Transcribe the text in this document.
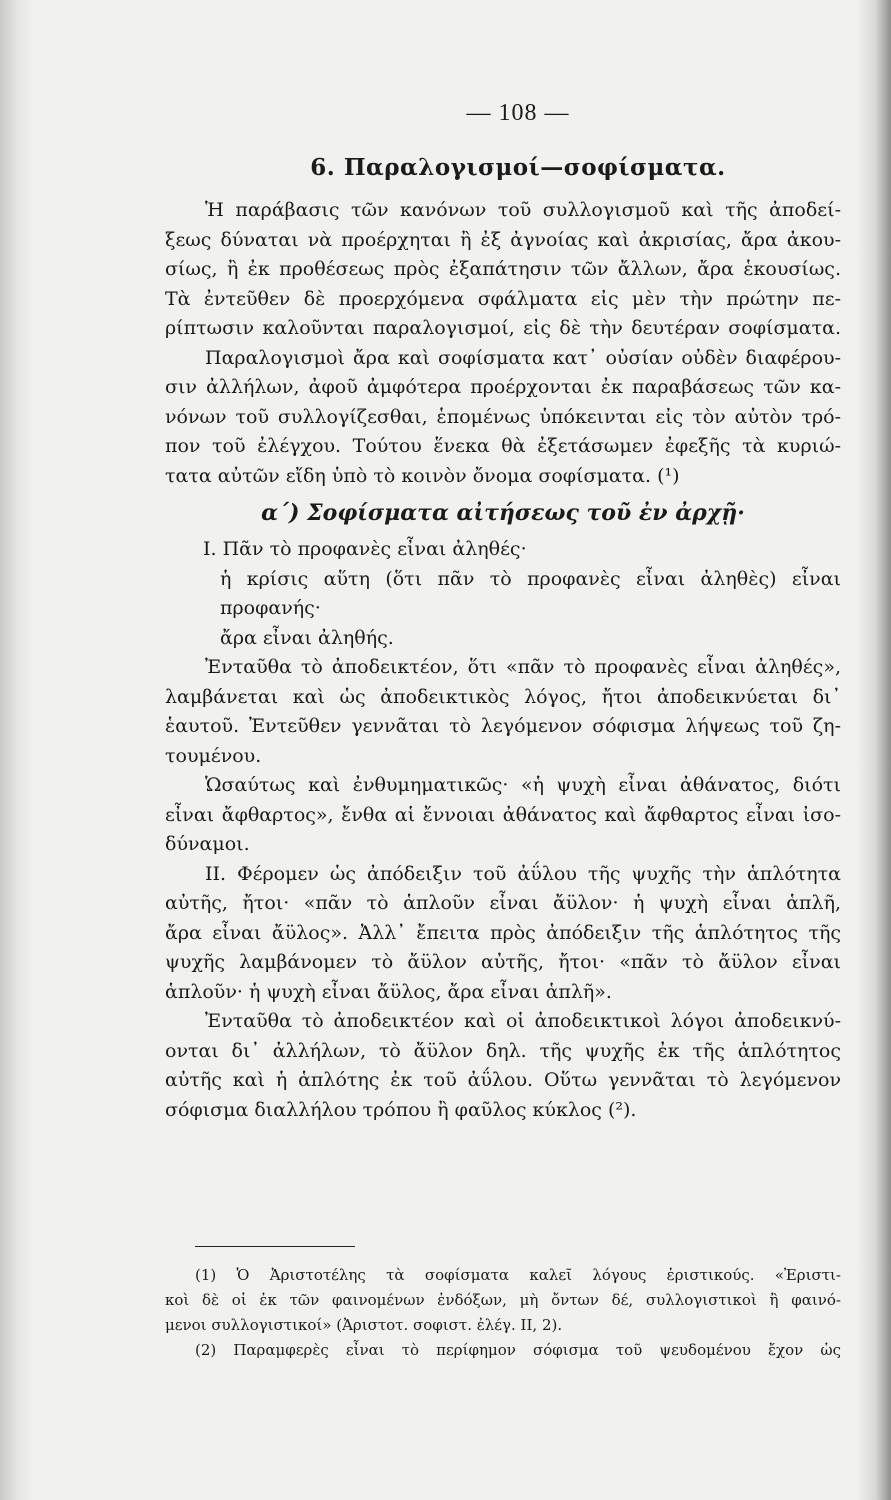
— 108 —
6. Παραλογισμοί—σοφίσματα.
Ἡ παράβασις τῶν κανόνων τοῦ συλλογισμοῦ καὶ τῆς ἀποδεί-
ξεως δύναται νὰ προέρχηται ἢ ἐξ ἀγνοίας καὶ ἀκρισίας, ἄρα ἀκου-
σίως, ἢ ἐκ προθέσεως πρὸς ἐξαπάτησιν τῶν ἄλλων, ἄρα ἑκουσίως.
Τὰ ἐντεῦθεν δὲ προερχόμενα σφάλματα εἰς μὲν τὴν πρώτην πε-
ρίπτωσιν καλοῦνται παραλογισμοί, εἰς δὲ τὴν δευτέραν σοφίσματα.
Παραλογισμοὶ ἄρα καὶ σοφίσματα κατ᾽ οὐσίαν οὐδὲν διαφέρου-
σιν ἀλλήλων, ἀφοῦ ἀμφότερα προέρχονται ἐκ παραβάσεως τῶν κα-
νόνων τοῦ συλλογίζεσθαι, ἑπομένως ὑπόκεινται εἰς τὸν αὐτὸν τρό-
πον τοῦ ἐλέγχου. Τούτου ἕνεκα θὰ ἐξετάσωμεν ἐφεξῆς τὰ κυριώ-
τατα αὐτῶν εἴδη ὑπὸ τὸ κοινὸν ὄνομα σοφίσματα. (¹)
α΄) Σοφίσματα αἰτήσεως τοῦ ἐν ἀρχῇ·
I. Πᾶν τὸ προφανὲς εἶναι ἀληθές·
ἡ κρίσις αὕτη (ὅτι πᾶν τὸ προφανὲς εἶναι ἀληθὲς) εἶναι
προφανής·
ἄρα εἶναι ἀληθής.
Ἐνταῦθα τὸ ἀποδεικτέον, ὅτι «πᾶν τὸ προφανὲς εἶναι ἀληθές»,
λαμβάνεται καὶ ὡς ἀποδεικτικὸς λόγος, ἤτοι ἀποδεικνύεται δι᾽
ἑαυτοῦ. Ἐντεῦθεν γεννᾶται τὸ λεγόμενον σόφισμα λήψεως τοῦ ζη-
τουμένου.
Ὡσαύτως καὶ ἐνθυμηματικῶς· «ἡ ψυχὴ εἶναι ἀθάνατος, διότι
εἶναι ἄφθαρτος», ἔνθα αἱ ἔννοιαι ἀθάνατος καὶ ἄφθαρτος εἶναι ἰσο-
δύναμοι.
II. Φέρομεν ὡς ἀπόδειξιν τοῦ ἀΰλου τῆς ψυχῆς τὴν ἁπλότητα
αὐτῆς, ἤτοι· «πᾶν τὸ ἁπλοῦν εἶναι ἄϋλον· ἡ ψυχὴ εἶναι ἁπλῆ,
ἄρα εἶναι ἄϋλος». Ἀλλ᾽ ἔπειτα πρὸς ἀπόδειξιν τῆς ἁπλότητος τῆς
ψυχῆς λαμβάνομεν τὸ ἄϋλον αὐτῆς, ἤτοι· «πᾶν τὸ ἄϋλον εἶναι
ἁπλοῦν· ἡ ψυχὴ εἶναι ἄϋλος, ἄρα εἶναι ἁπλῆ».
Ἐνταῦθα τὸ ἀποδεικτέον καὶ οἱ ἀποδεικτικοὶ λόγοι ἀποδεικνύ-
ονται δι᾽ ἀλλήλων, τὸ ἄϋλον δηλ. τῆς ψυχῆς ἐκ τῆς ἁπλότητος
αὐτῆς καὶ ἡ ἁπλότης ἐκ τοῦ ἀΰλου. Οὕτω γεννᾶται τὸ λεγόμενον
σόφισμα διαλλήλου τρόπου ἢ φαῦλος κύκλος (²).
(1) Ὁ Ἀριστοτέλης τὰ σοφίσματα καλεῖ λόγους ἐριστικούς. «Ἐριστι-
κοὶ δὲ οἱ ἐκ τῶν φαινομένων ἐνδόξων, μὴ ὄντων δέ, συλλογιστικοὶ ἢ φαινό-
μενοι συλλογιστικοί» (Ἀριστοτ. σοφιστ. ἐλέγ. II, 2).
(2) Παραμφερὲς εἶναι τὸ περίφημον σόφισμα τοῦ ψευδομένου ἔχον ὡς
